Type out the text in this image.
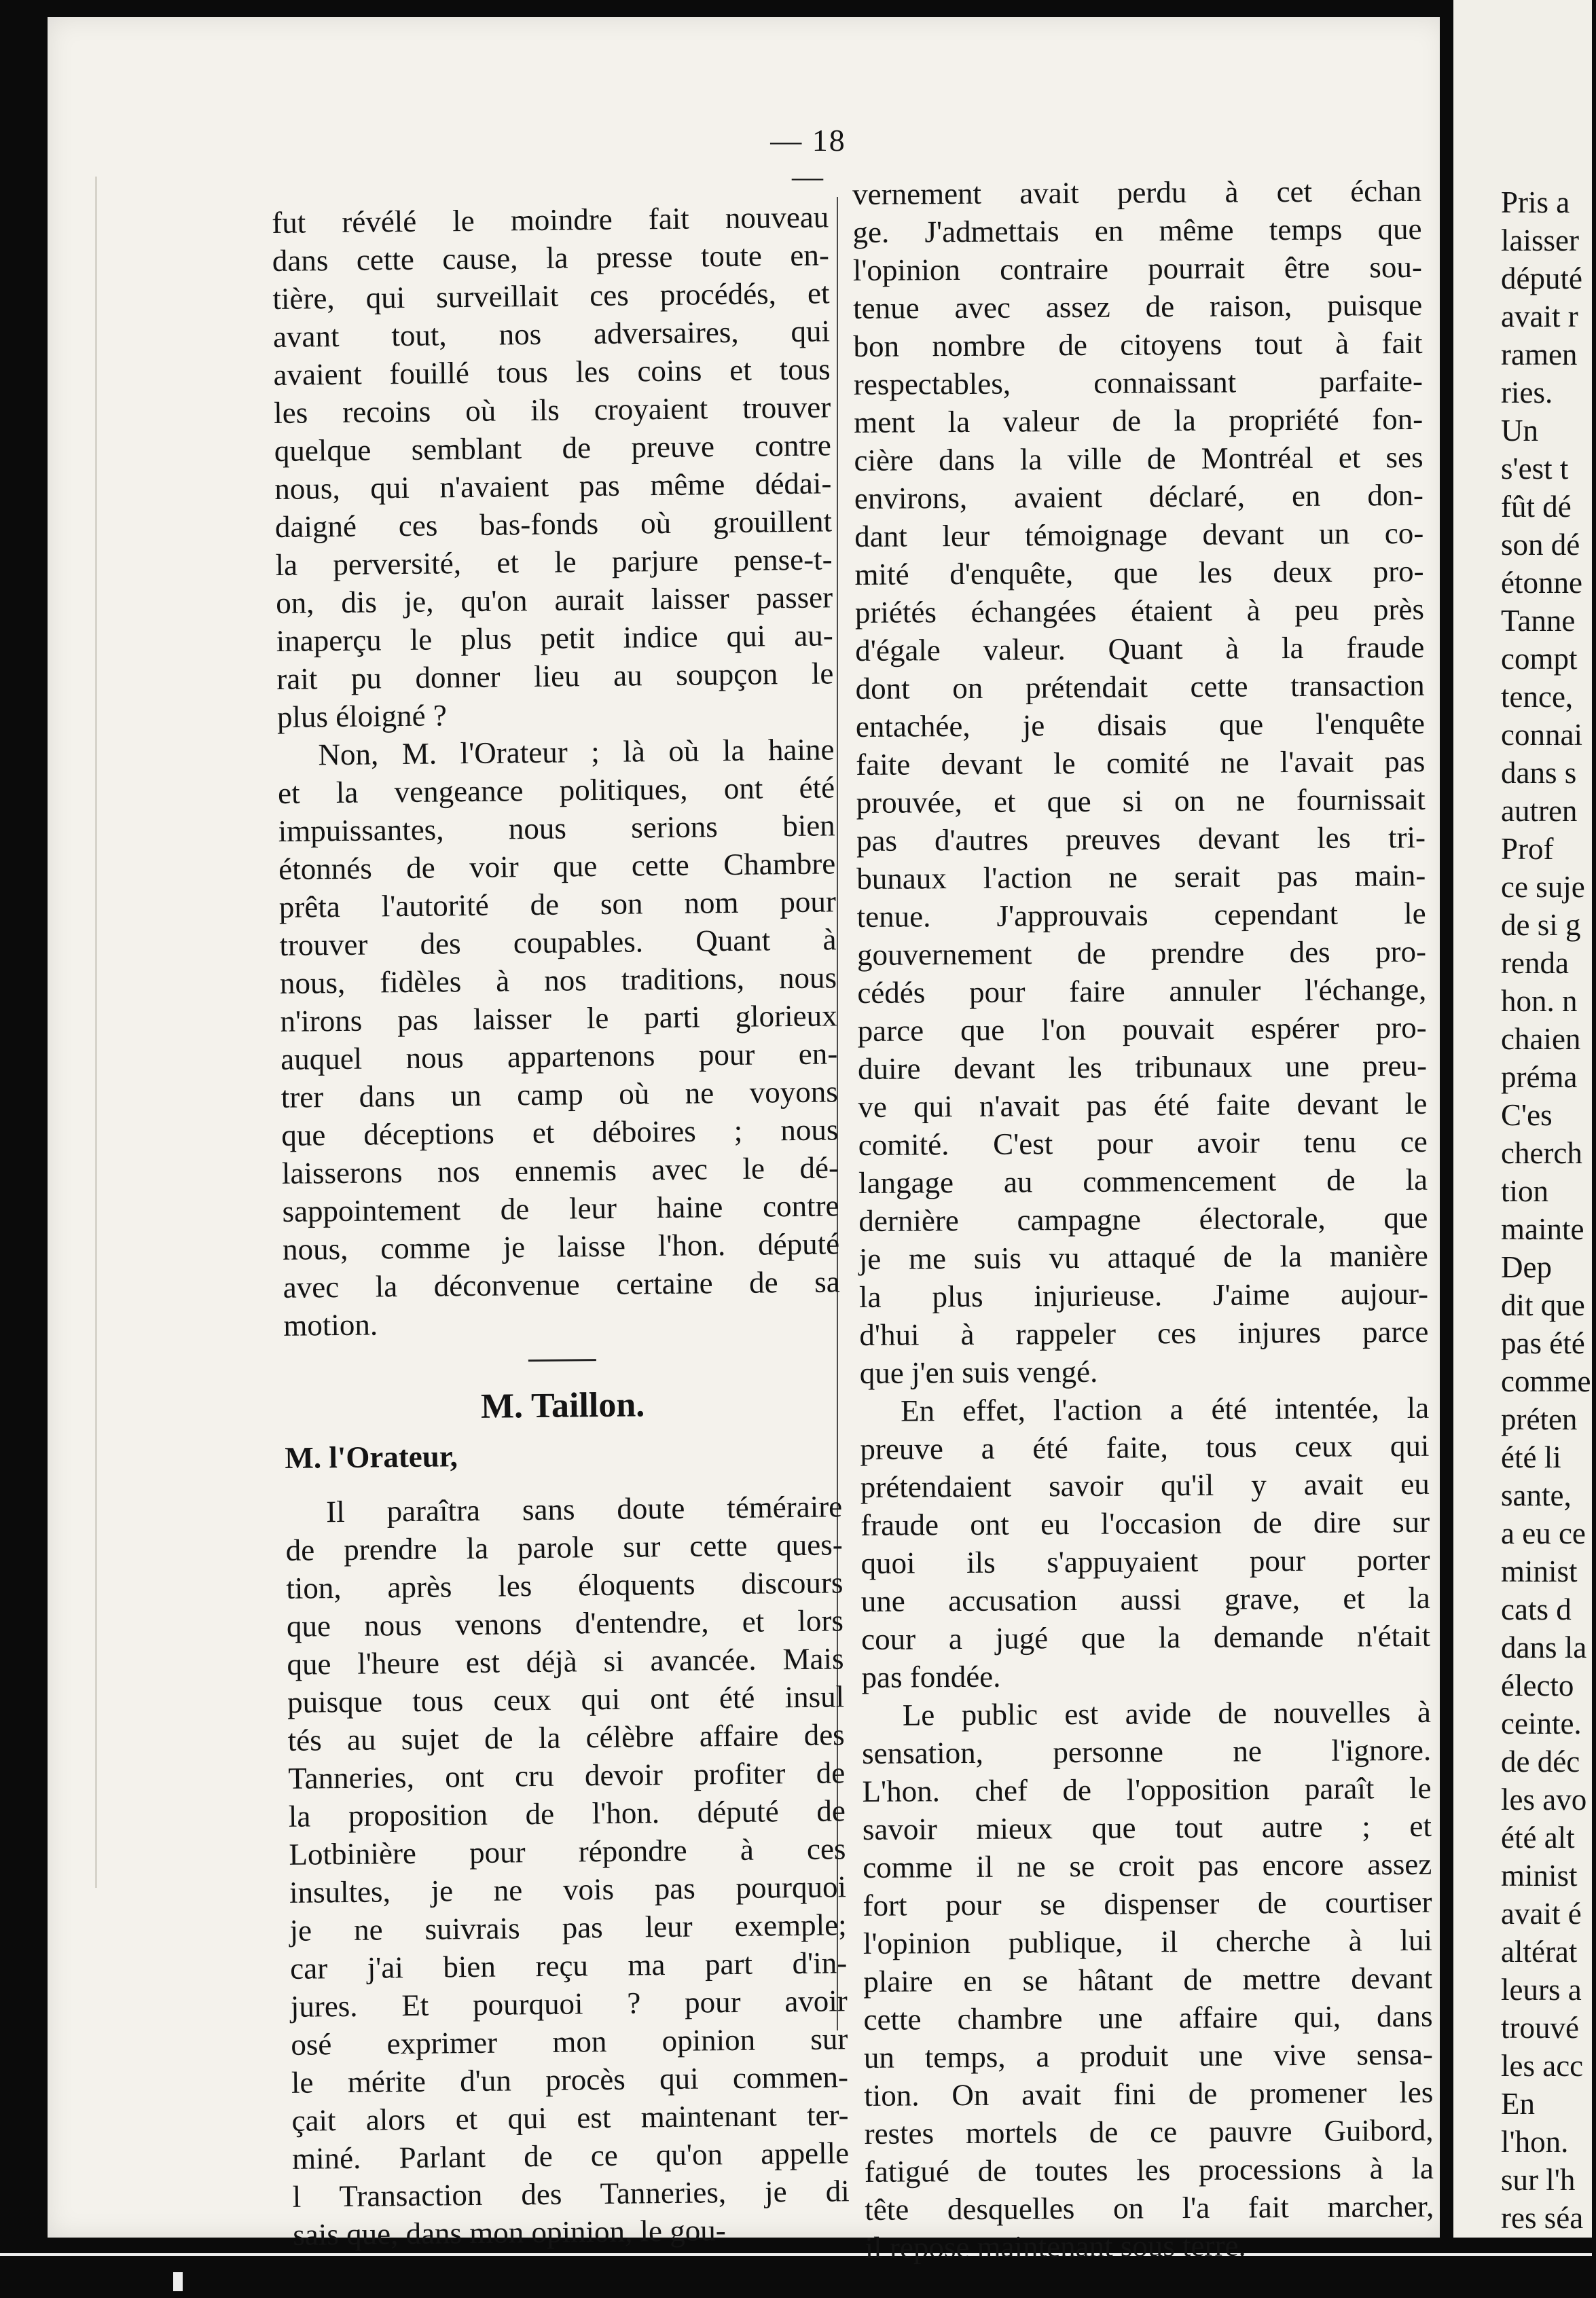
Pris a
laisser
député
avait r
ramen
ries.
Un
s'est t
fût dé
son dé
étonne
Tanne
compt
tence,
connai
dans s
autren
Prof
ce suje
de si g
renda
hon. n
chaien
préma
C'es
cherch
tion
mainte
Dep
dit que
pas été
comme
préten
été li
sante,
a eu ce
minist
cats d
dans la
électo
ceinte.
de déc
les avo
été alt
minist
avait é
altérat
leurs a
trouvé
les acc
En
l'hon.
sur l'h
res séa
— 18 —
fut révélé le moindre fait nouveau
dans cette cause, la presse toute en-
tière, qui surveillait ces procédés, et
avant tout, nos adversaires, qui
avaient fouillé tous les coins et tous
les recoins où ils croyaient trouver
quelque semblant de preuve contre
nous, qui n'avaient pas même dédai-
daigné ces bas-fonds où grouillent
la perversité, et le parjure pense-t-
on, dis je, qu'on aurait laisser passer
inaperçu le plus petit indice qui au-
rait pu donner lieu au soupçon le
plus éloigné ?
Non, M. l'Orateur ; là où la haine
et la vengeance politiques, ont été
impuissantes, nous serions bien
étonnés de voir que cette Chambre
prêta l'autorité de son nom pour
trouver des coupables. Quant à
nous, fidèles à nos traditions, nous
n'irons pas laisser le parti glorieux
auquel nous appartenons pour en-
trer dans un camp où ne voyons
que déceptions et déboires ; nous
laisserons nos ennemis avec le dé-
sappointement de leur haine contre
nous, comme je laisse l'hon. député
avec la déconvenue certaine de sa
motion.
M. Taillon.
M. l'Orateur,
Il paraîtra sans doute téméraire
de prendre la parole sur cette ques-
tion, après les éloquents discours
que nous venons d'entendre, et lors
que l'heure est déjà si avancée. Mais
puisque tous ceux qui ont été insul
tés au sujet de la célèbre affaire des
Tanneries, ont cru devoir profiter de
la proposition de l'hon. député de
Lotbinière pour répondre à ces
insultes, je ne vois pas pourquoi
je ne suivrais pas leur exemple;
car j'ai bien reçu ma part d'in-
jures. Et pourquoi ? pour avoir
osé exprimer mon opinion sur
le mérite d'un procès qui commen-
çait alors et qui est maintenant ter-
miné. Parlant de ce qu'on appelle
l Transaction des Tanneries, je di
sais que, dans mon opinion, le gou-
vernement avait perdu à cet échan
ge. J'admettais en même temps que
l'opinion contraire pourrait être sou-
tenue avec assez de raison, puisque
bon nombre de citoyens tout à fait
respectables, connaissant parfaite-
ment la valeur de la propriété fon-
cière dans la ville de Montréal et ses
environs, avaient déclaré, en don-
dant leur témoignage devant un co-
mité d'enquête, que les deux pro-
priétés échangées étaient à peu près
d'égale valeur. Quant à la fraude
dont on prétendait cette transaction
entachée, je disais que l'enquête
faite devant le comité ne l'avait pas
prouvée, et que si on ne fournissait
pas d'autres preuves devant les tri-
bunaux l'action ne serait pas main-
tenue. J'approuvais cependant le
gouvernement de prendre des pro-
cédés pour faire annuler l'échange,
parce que l'on pouvait espérer pro-
duire devant les tribunaux une preu-
ve qui n'avait pas été faite devant le
comité. C'est pour avoir tenu ce
langage au commencement de la
dernière campagne électorale, que
je me suis vu attaqué de la manière
la plus injurieuse. J'aime aujour-
d'hui à rappeler ces injures parce
que j'en suis vengé.
En effet, l'action a été intentée, la
preuve a été faite, tous ceux qui
prétendaient savoir qu'il y avait eu
fraude ont eu l'occasion de dire sur
quoi ils s'appuyaient pour porter
une accusation aussi grave, et la
cour a jugé que la demande n'était
pas fondée.
Le public est avide de nouvelles à
sensation, personne ne l'ignore.
L'hon. chef de l'opposition paraît le
savoir mieux que tout autre ; et
comme il ne se croit pas encore assez
fort pour se dispenser de courtiser
l'opinion publique, il cherche à lui
plaire en se hâtant de mettre devant
cette chambre une affaire qui, dans
un temps, a produit une vive sensa-
tion. On avait fini de promener les
restes mortels de ce pauvre Guibord,
fatigué de toutes les processions à la
tête desquelles on l'a fait marcher,
il repose maintenant sous terre.
